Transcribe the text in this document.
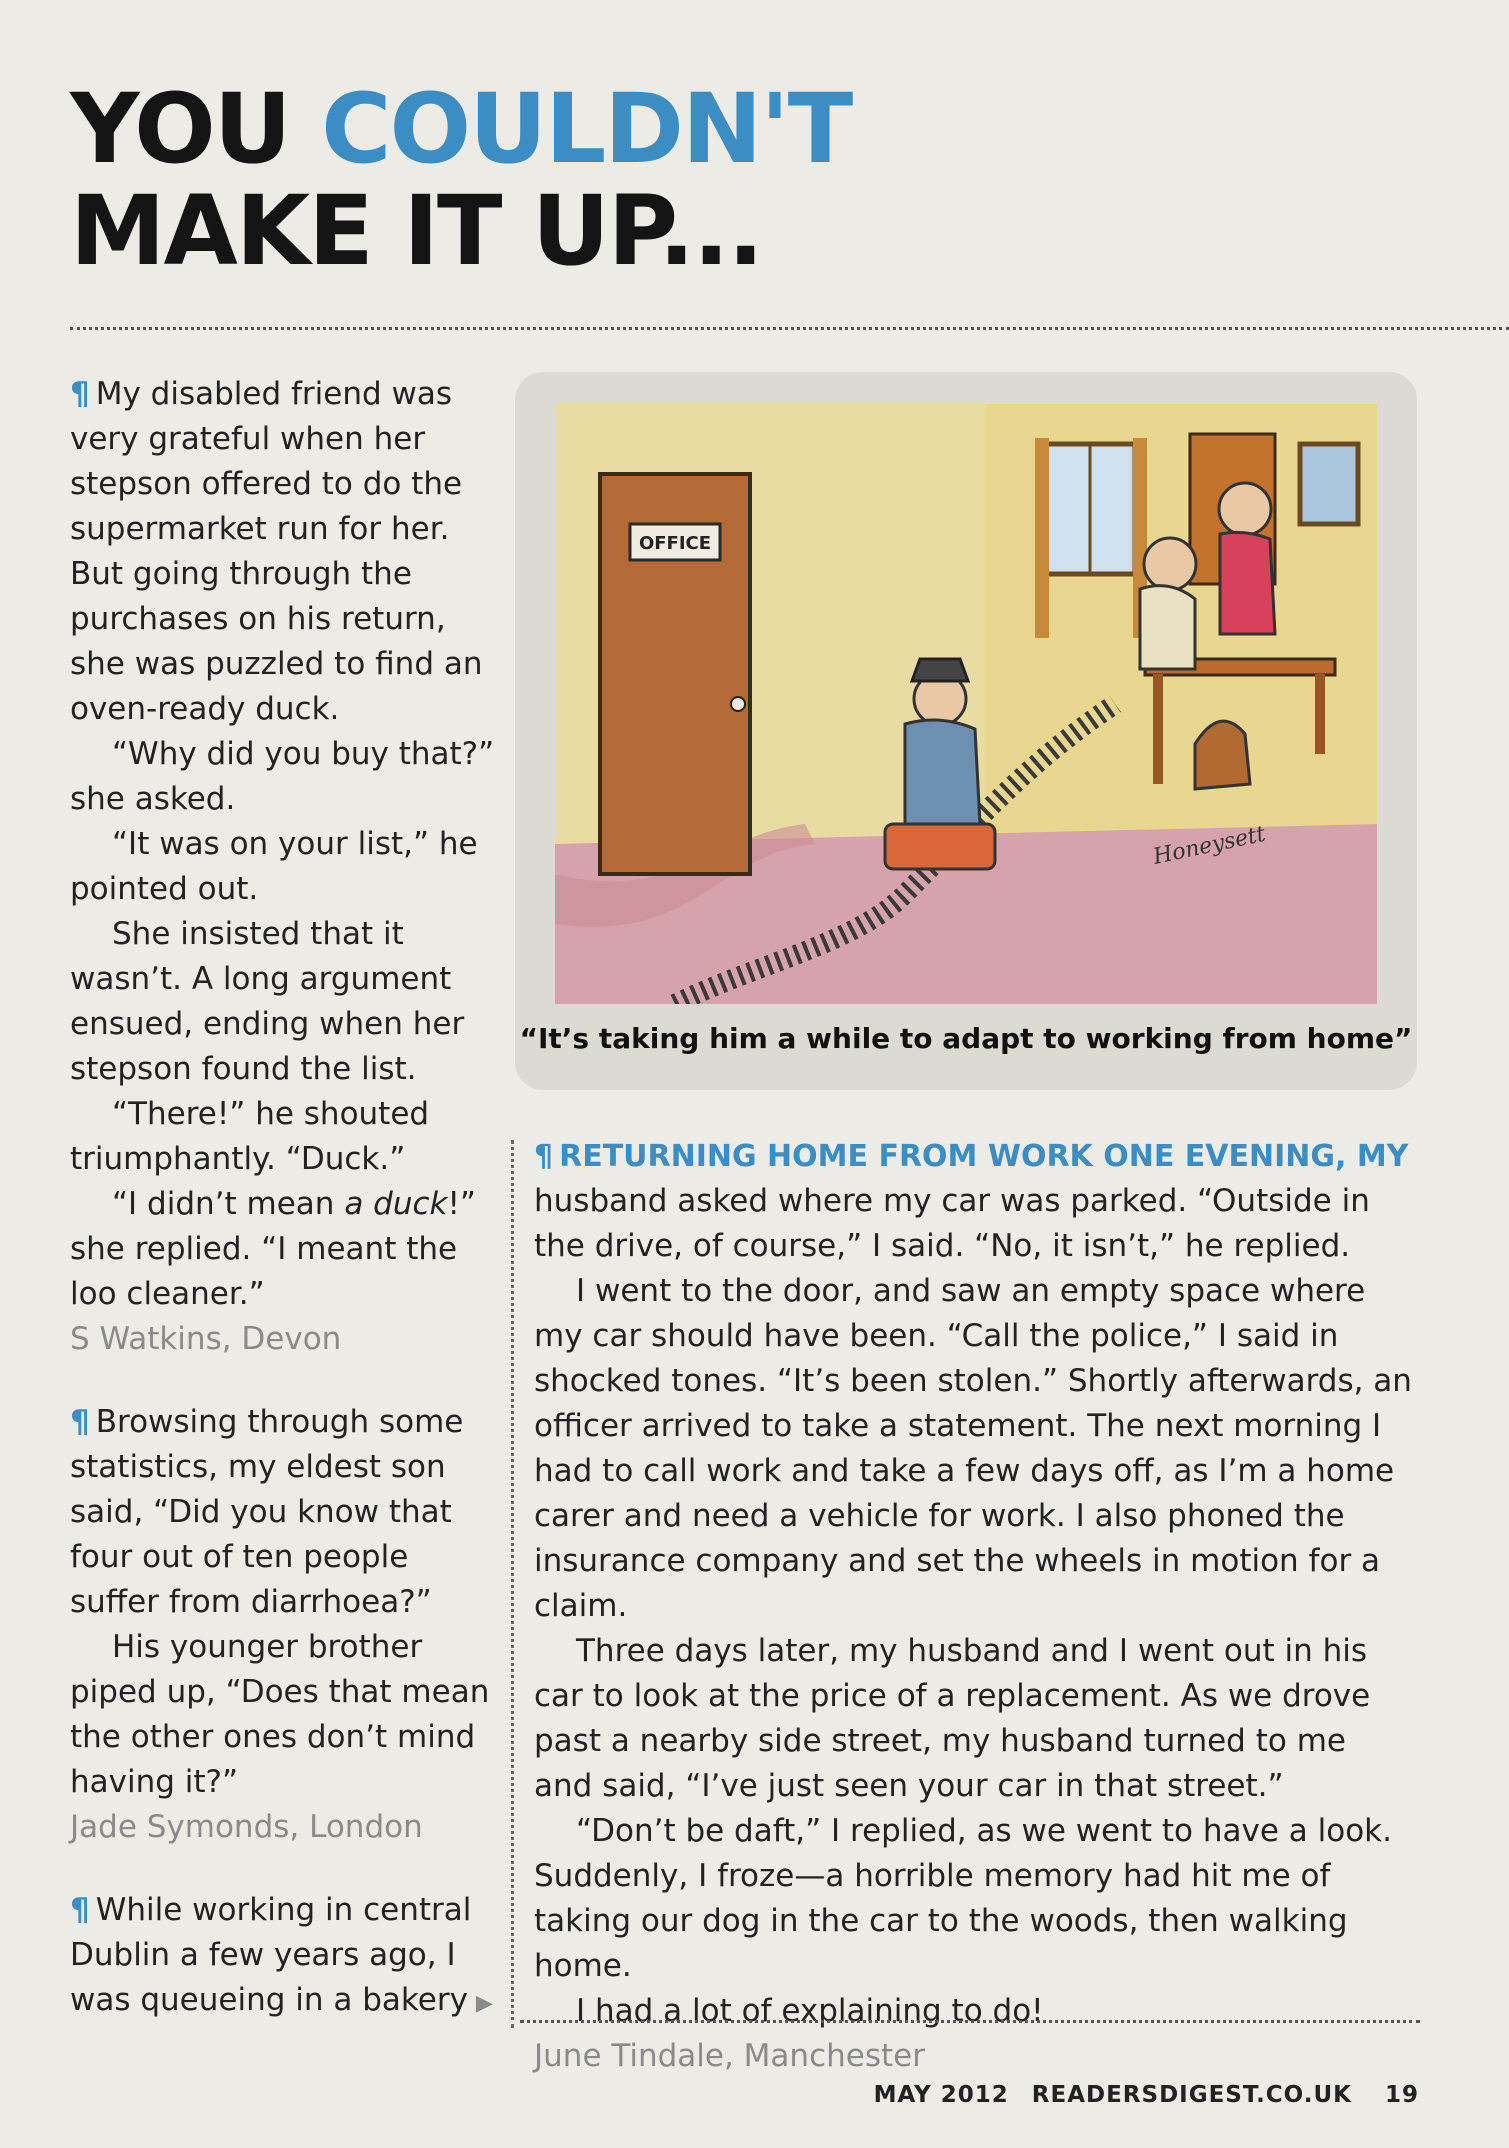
YOU COULDN'T
MAKE IT UP...

¶ My disabled friend was very grateful when her stepson offered to do the supermarket run for her. But going through the purchases on his return, she was puzzled to find an oven-ready duck.

“Why did you buy that?” she asked.

“It was on your list,” he pointed out.

She insisted that it wasn’t. A long argument ensued, ending when her stepson found the list.

“There!” he shouted triumphantly. “Duck.”

“I didn’t mean a duck!” she replied. “I meant the loo cleaner.”

S Watkins, Devon

¶ Browsing through some statistics, my eldest son said, “Did you know that four out of ten people suffer from diarrhoea?”

His younger brother piped up, “Does that mean the other ones don’t mind having it?”

Jade Symonds, London

¶ While working in central Dublin a few years ago, I was queueing in a bakery ▶

OFFICE
Honeysett
“It’s taking him a while to adapt to working from home”

¶ RETURNING HOME FROM WORK ONE EVENING, MY

husband asked where my car was parked. “Outside in the drive, of course,” I said. “No, it isn’t,” he replied.

I went to the door, and saw an empty space where my car should have been. “Call the police,” I said in shocked tones. “It’s been stolen.” Shortly afterwards, an officer arrived to take a statement. The next morning I had to call work and take a few days off, as I’m a home carer and need a vehicle for work. I also phoned the insurance company and set the wheels in motion for a claim.

Three days later, my husband and I went out in his car to look at the price of a replacement. As we drove past a nearby side street, my husband turned to me and said, “I’ve just seen your car in that street.”

“Don’t be daft,” I replied, as we went to have a look. Suddenly, I froze—a horrible memory had hit me of taking our dog in the car to the woods, then walking home.

I had a lot of explaining to do!

June Tindale, Manchester

MAY 2012 READERSDIGEST.CO.UK 19
